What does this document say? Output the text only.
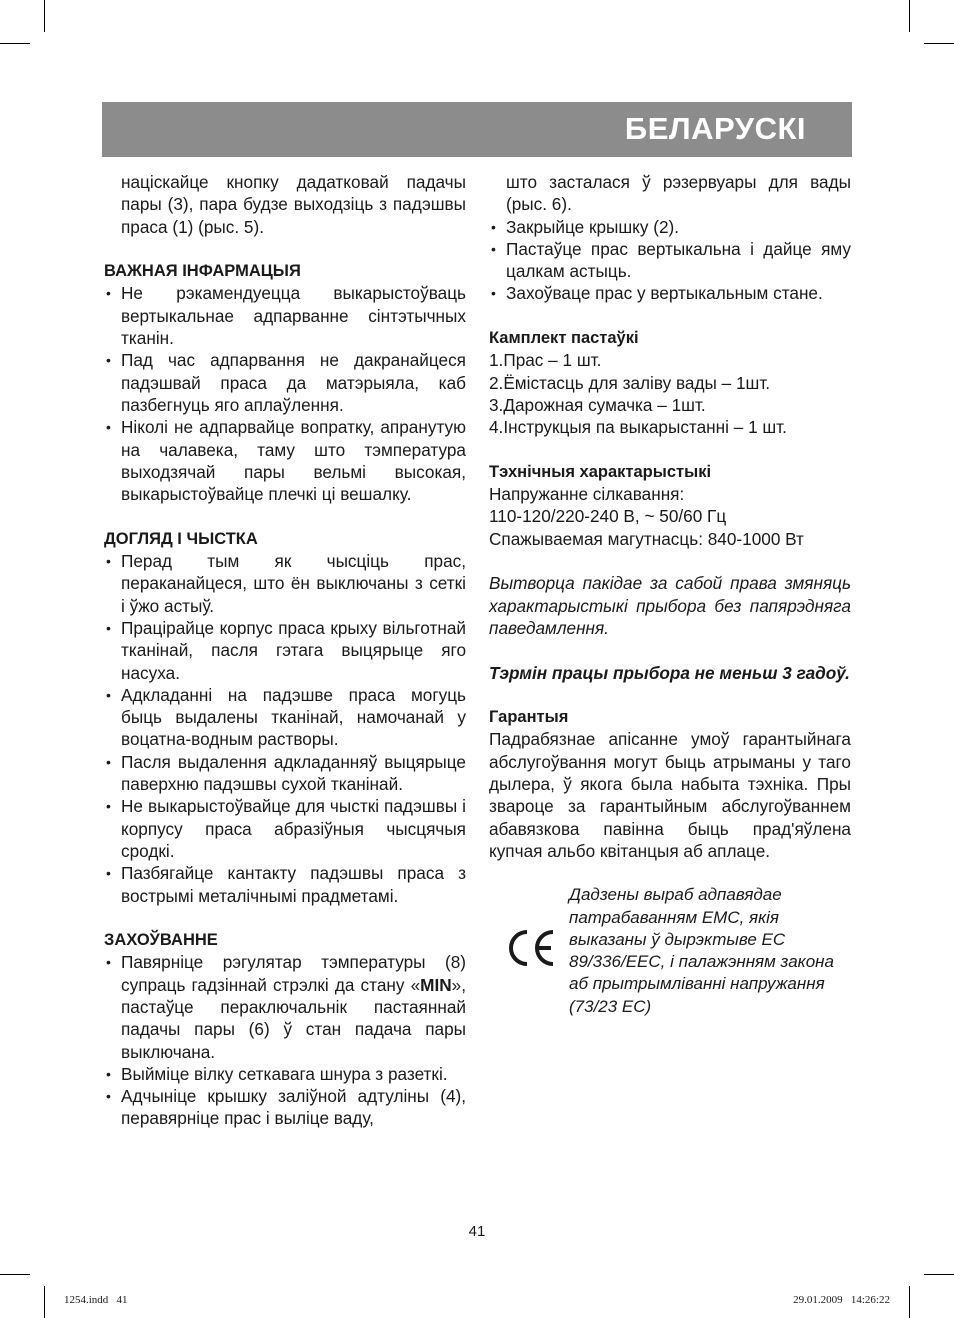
БЕЛАРУСКІ

націскайце кнопку дадатковай падачы пары (3), пара будзе выходзіць з падэшвы праса (1) (рыс. 5).

ВАЖНАЯ ІНФАРМАЦЫЯ

• Не рэкамендуецца выкарыстоўваць вертыкальнае адпарванне сінтэтычных тканін.
• Пад час адпарвання не дакранайцеся падэшвай праса да матэрыяла, каб пазбегнуць яго аплаўлення.
• Ніколі не адпарвайце вопратку, апранутую на чалавека, таму што тэмпература выходзячай пары вельмі высокая, выкарыстоўвайце плечкі ці вешалку.

ДОГЛЯД І ЧЫСТКА

• Перад тым як чысціць прас, пераканайцеся, што ён выключаны з сеткі і ўжо астыў.
• Працірайце корпус праса крыху вільготнай тканінай, пасля гэтага выцярыце яго насуха.
• Адкладанні на падэшве праса могуць быць выдалены тканінай, намочанай у воцатна-водным растворы.
• Пасля выдалення адкладанняў выцярыце паверхню падэшвы сухой тканінай.
• Не выкарыстоўвайце для чысткі падэшвы і корпусу праса абразіўныя чысцячыя сродкі.
• Пазбягайце кантакту падэшвы праса з вострымі металічнымі прадметамі.

ЗАХОЎВАННЕ

• Павярніце рэгулятар тэмпературы (8) супраць гадзіннай стрэлкі да стану «MIN», пастаўце пераключальнік пастаяннай падачы пары (6) ў стан падача пары выключана.
• Выйміце вілку сеткавага шнура з разеткі.
• Адчыніце крышку заліўной адтуліны (4), перавярніце прас і выліце ваду,

што засталася ў рэзервуары для вады (рыс. 6).

• Закрыйце крышку (2).
• Пастаўце прас вертыкальна і дайце яму цалкам астыць.
• Захоўвацe прас у вертыкальным стане.

Камплект пастаўкі

1.Прас – 1 шт.

2.Ёмістасць для заліву вады – 1шт.

3.Дарожная сумачка – 1шт.

4.Інструкцыя па выкарыстанні – 1 шт.

Тэхнічныя характарыстыкі

Напружанне сілкавання:

110-120/220-240 В, ~ 50/60 Гц

Спажываемая магутнасць: 840-1000 Вт

Вытворца пакідае за сабой права змяняць характарыстыкі прыбора без папярэдняга паведамлення.

Тэрмін працы прыбора не меньш 3 гадоў.

Гарантыя

Падрабязнае апісанне умоў гарантыйнага абслугоўвання могут быць атрыманы у таго дылера, ў якога была набыта тэхніка. Пры звароце за гарантыйным абслугоўваннем абавязкова павінна быць прад'яўлена купчая альбо квітанцыя аб аплаце.

Дадзены выраб адпавядае патрабаванням ЕМС, якія выказаны ў дырэктыве ЕС 89/336/ЕЕС, і палажэнням закона аб прытрымліванні напружання (73/23 ЕС)
41
1254.indd   41	29.01.2009   14:26:22
